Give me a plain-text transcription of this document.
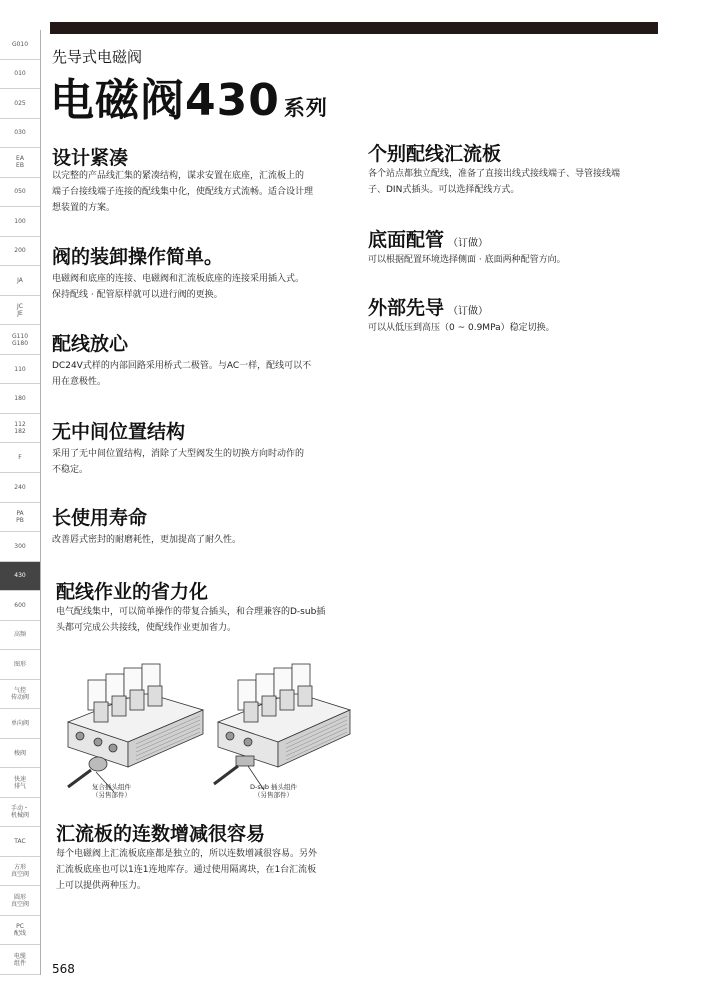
G010
010
025
030
EA
EB
050
100
200
JA
JC
JE
G110
G180
110
180
112
182
F
240
PA
PB
300
430
600
高频
图形
气控
传动阀
单向阀
梭阀
快速
排气
手动・
机械阀
TAC
方形
真空阀
圆形
真空阀
PC
配线
电缆
组件
先导式电磁阀
电磁阀430 系列
设计紧凑

以完整的产品线汇集的紧凑结构，谋求安置在底座，汇流板上的
端子台接线端子连接的配线集中化，使配线方式流畅。适合设计理
想装置的方案。

阀的装卸操作简单。

电磁阀和底座的连接、电磁阀和汇流板底座的连接采用插入式。
保持配线 · 配管原样就可以进行阀的更换。

配线放心

DC24V式样的内部回路采用桥式二极管。与AC一样，配线可以不
用在意极性。

无中间位置结构

采用了无中间位置结构，消除了大型阀发生的切换方向时动作的
不稳定。

长使用寿命

改善唇式密封的耐磨耗性，更加提高了耐久性。

配线作业的省力化

电气配线集中，可以简单操作的带复合插头，和合理兼容的D-sub插
头都可完成公共接线，使配线作业更加省力。

复合插头组件
（另售部件）
D-sub 插头组件
（另售部件）
汇流板的连数增减很容易

每个电磁阀上汇流板底座都是独立的，所以连数增减很容易。另外
汇流板底座也可以1连1连地库存。通过使用隔离块，在1台汇流板
上可以提供两种压力。

个别配线汇流板

各个站点都独立配线，准备了直接出线式接线端子、导管接线端
子、DIN式插头。可以选择配线方式。

底面配管 （订做）

可以根据配置环境选择侧面 · 底面两种配管方向。

外部先导 （订做）

可以从低压到高压（0 ~ 0.9MPa）稳定切换。

568
